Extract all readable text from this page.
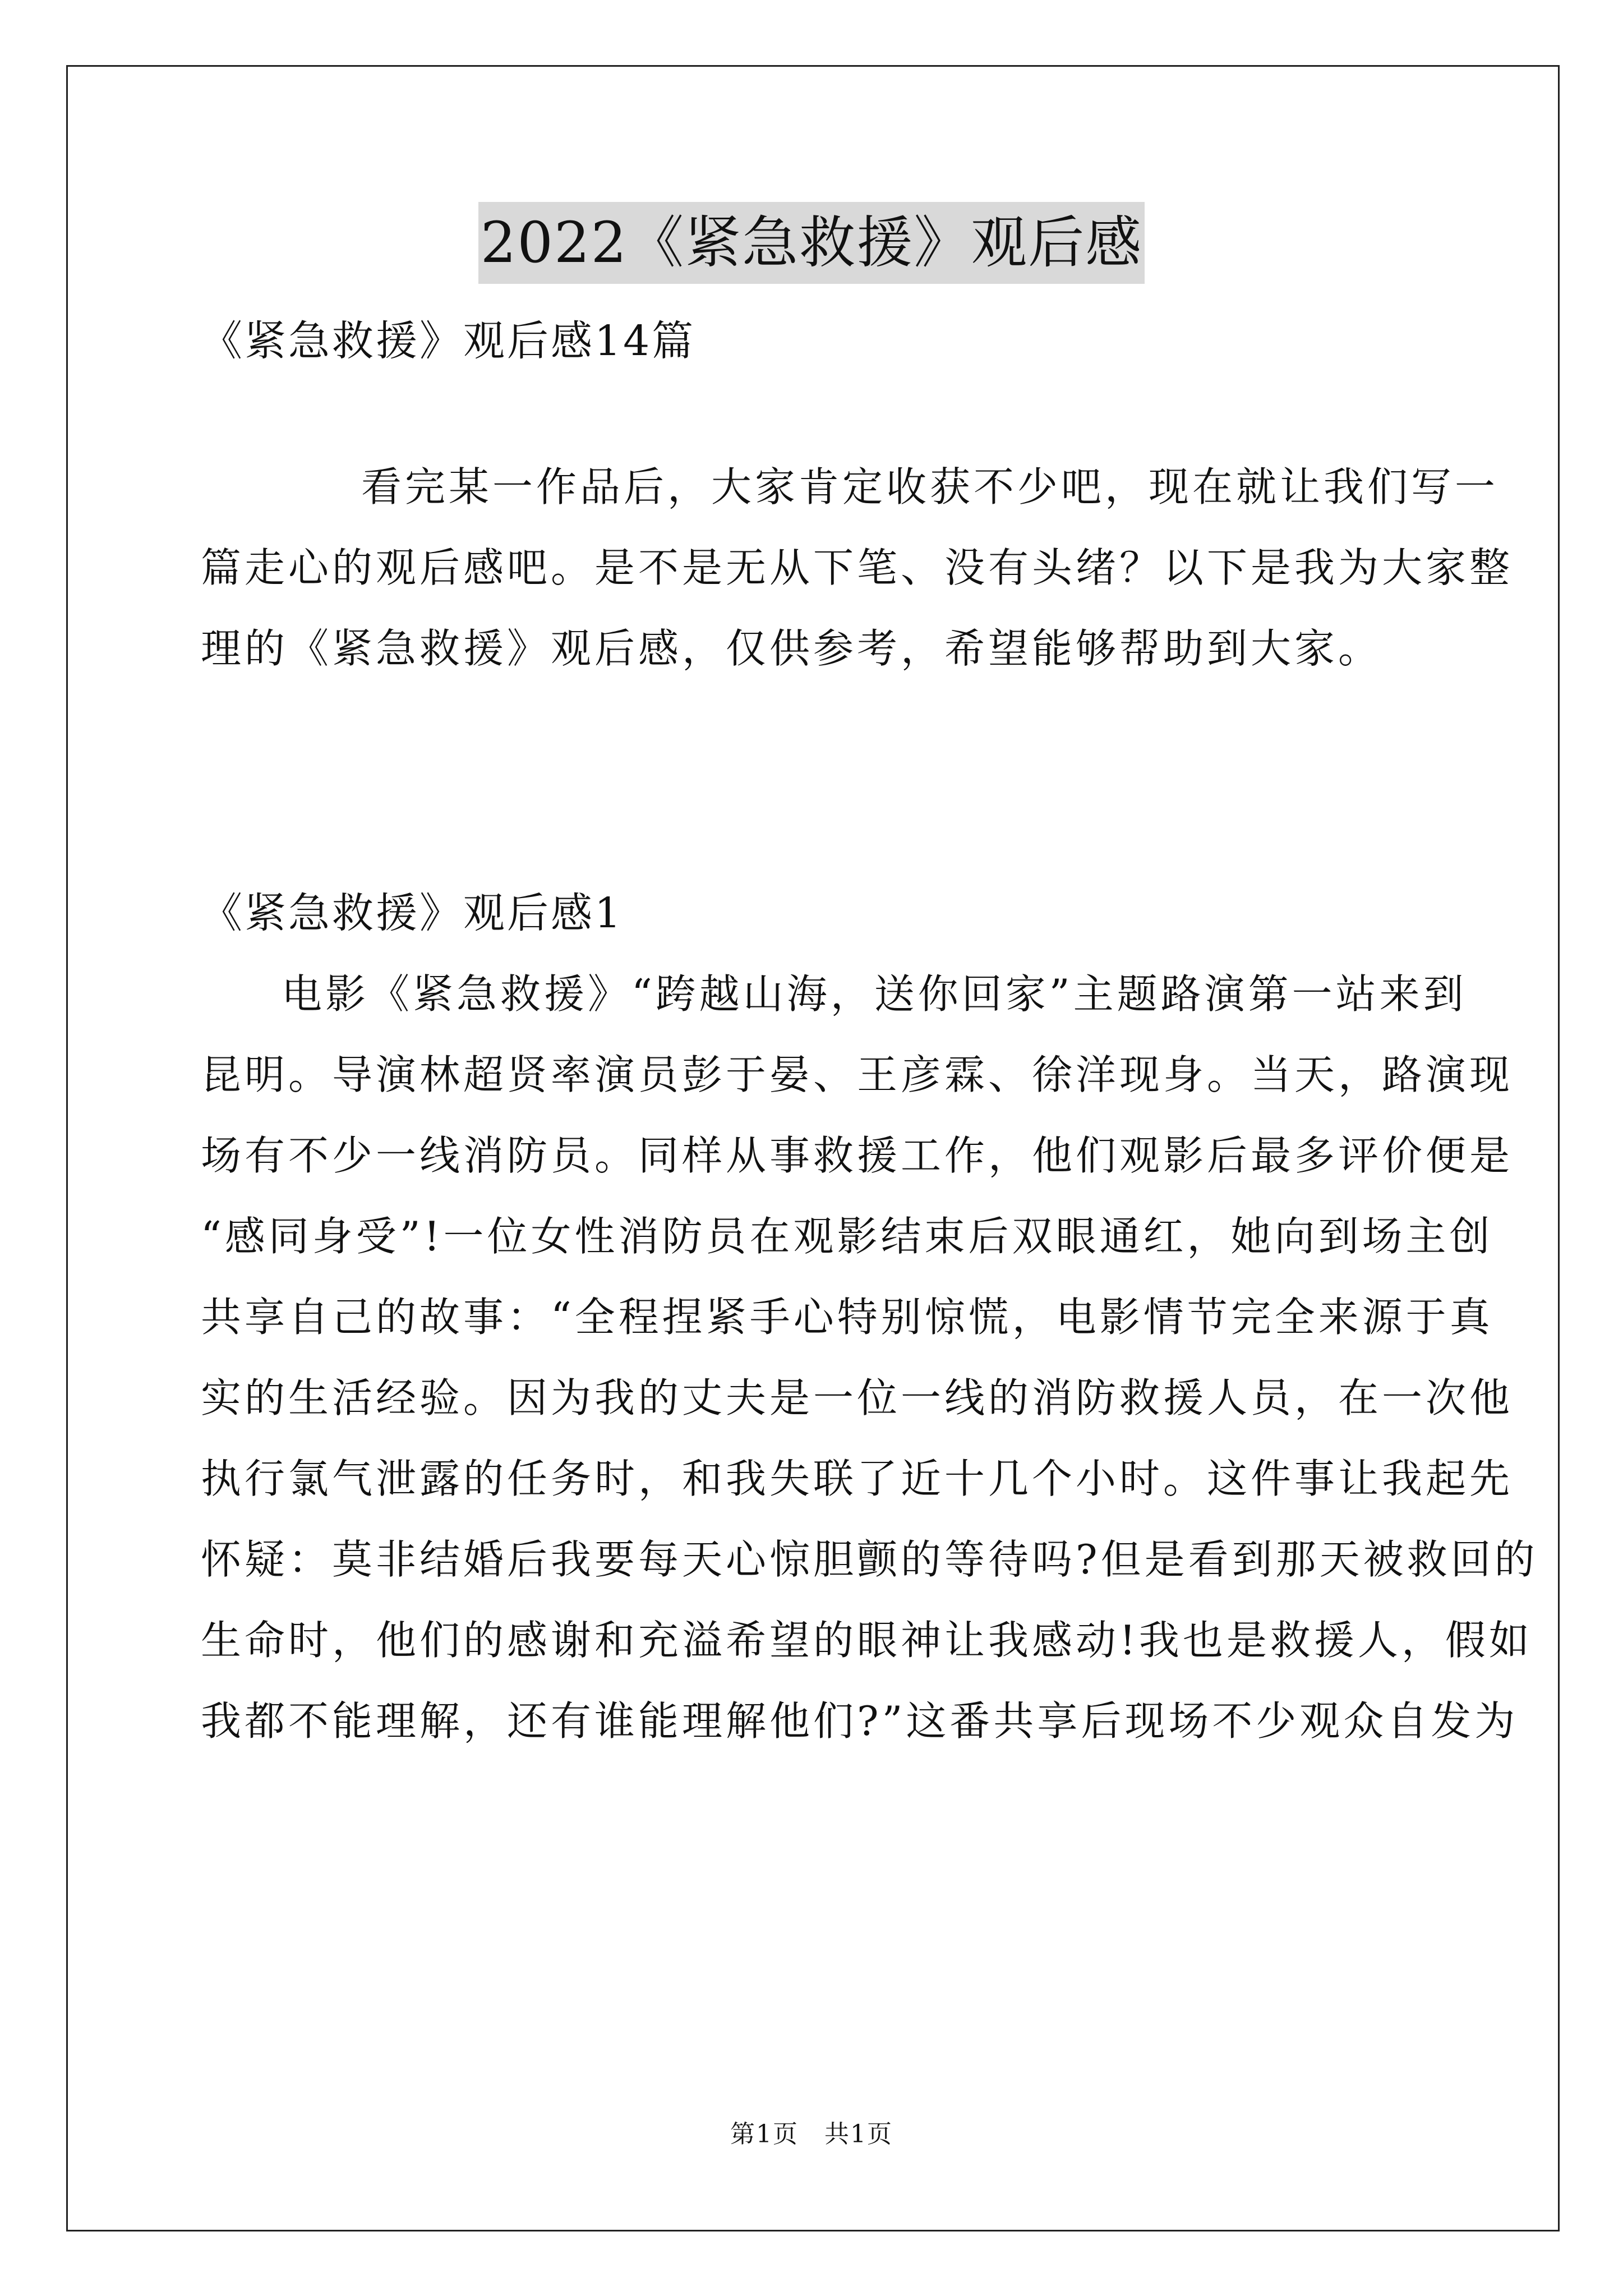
2022《紧急救援》观后感
《紧急救援》观后感14篇
看完某一作品后，大家肯定收获不少吧，现在就让我们写一
篇走心的观后感吧。是不是无从下笔、没有头绪？以下是我为大家整
理的《紧急救援》观后感，仅供参考，希望能够帮助到大家。
《紧急救援》观后感1
电影《紧急救援》“跨越山海，送你回家”主题路演第一站来到
昆明。导演林超贤率演员彭于晏、王彦霖、徐洋现身。当天，路演现
场有不少一线消防员。同样从事救援工作，他们观影后最多评价便是
“感同身受”!一位女性消防员在观影结束后双眼通红，她向到场主创
共享自己的故事：“全程捏紧手心特别惊慌，电影情节完全来源于真
实的生活经验。因为我的丈夫是一位一线的消防救援人员，在一次他
执行氯气泄露的任务时，和我失联了近十几个小时。这件事让我起先
怀疑：莫非结婚后我要每天心惊胆颤的等待吗?但是看到那天被救回的
生命时，他们的感谢和充溢希望的眼神让我感动!我也是救援人，假如
我都不能理解，还有谁能理解他们?”这番共享后现场不少观众自发为
第1页　共1页
